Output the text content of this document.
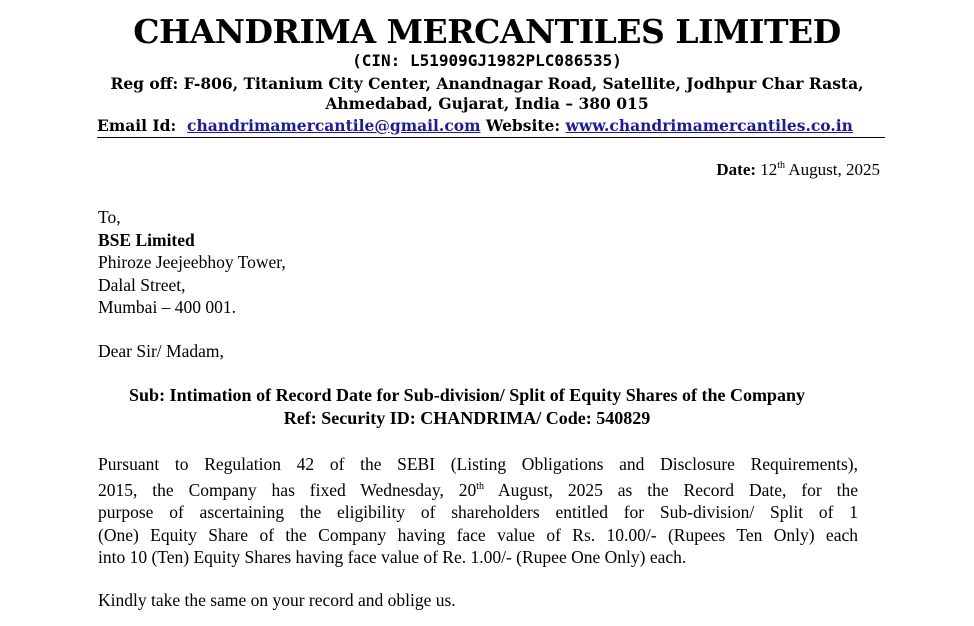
CHANDRIMA MERCANTILES LIMITED
(CIN: L51909GJ1982PLC086535)
Reg off: F-806, Titanium City Center, Anandnagar Road, Satellite, Jodhpur Char Rasta,
Ahmedabad, Gujarat, India – 380 015
Email Id: chandrimamercantile@gmail.com Website: www.chandrimamercantiles.co.in
Date: 12th August, 2025
To,
BSE Limited
Phiroze Jeejeebhoy Tower,
Dalal Street,
Mumbai – 400 001.
Dear Sir/ Madam,
Sub: Intimation of Record Date for Sub-division/ Split of Equity Shares of the Company
Ref: Security ID: CHANDRIMA/ Code: 540829
Pursuant to Regulation 42 of the SEBI (Listing Obligations and Disclosure Requirements),
2015, the Company has fixed Wednesday, 20th August, 2025 as the Record Date, for the
purpose of ascertaining the eligibility of shareholders entitled for Sub-division/ Split of 1
(One) Equity Share of the Company having face value of Rs. 10.00/- (Rupees Ten Only) each
into 10 (Ten) Equity Shares having face value of Re. 1.00/- (Rupee One Only) each.
Kindly take the same on your record and oblige us.
